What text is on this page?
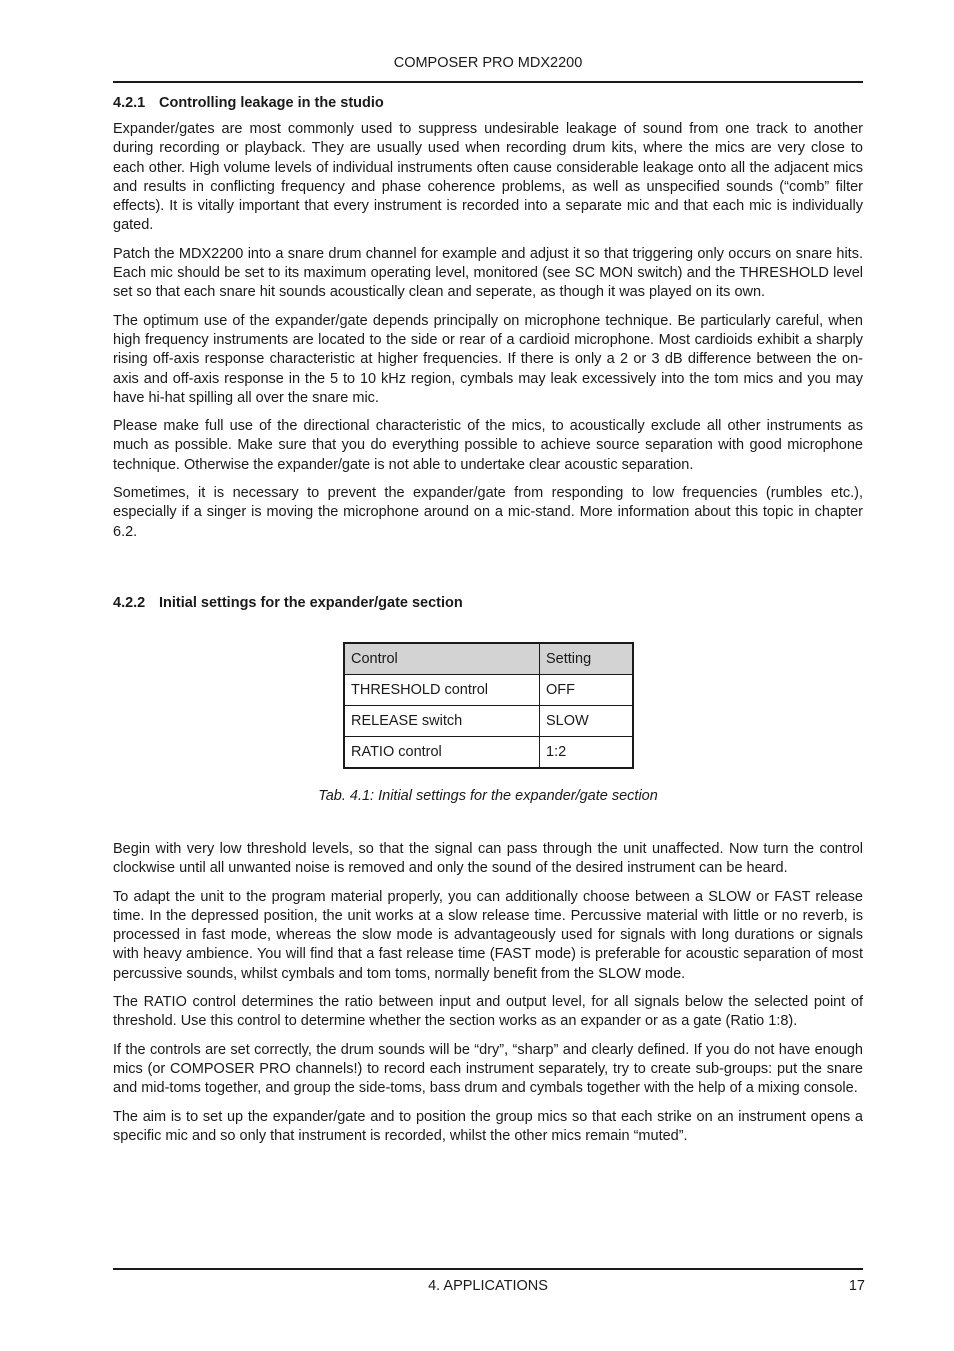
COMPOSER PRO MDX2200
4.2.1 Controlling leakage in the studio

Expander/gates are most commonly used to suppress undesirable leakage of sound from one track to another during recording or playback. They are usually used when recording drum kits, where the mics are very close to each other. High volume levels of individual instruments often cause considerable leakage onto all the adjacent mics and results in conflicting frequency and phase coherence problems, as well as unspecified sounds (“comb” filter effects). It is vitally important that every instrument is recorded into a separate mic and that each mic is individually gated.

Patch the MDX2200 into a snare drum channel for example and adjust it so that triggering only occurs on snare hits. Each mic should be set to its maximum operating level, monitored (see SC MON switch) and the THRESHOLD level set so that each snare hit sounds acoustically clean and seperate, as though it was played on its own.

The optimum use of the expander/gate depends principally on microphone technique. Be particularly careful, when high frequency instruments are located to the side or rear of a cardioid microphone. Most cardioids exhibit a sharply rising off-axis response characteristic at higher frequencies. If there is only a 2 or 3 dB difference between the on-axis and off-axis response in the 5 to 10 kHz region, cymbals may leak excessively into the tom mics and you may have hi-hat spilling all over the snare mic.

Please make full use of the directional characteristic of the mics, to acoustically exclude all other instruments as much as possible. Make sure that you do everything possible to achieve source separation with good microphone technique. Otherwise the expander/gate is not able to undertake clear acoustic separation.

Sometimes, it is necessary to prevent the expander/gate from responding to low frequencies (rumbles etc.), especially if a singer is moving the microphone around on a mic-stand. More information about this topic in chapter 6.2.

4.2.2 Initial settings for the expander/gate section
Control	Setting
THRESHOLD control	OFF
RELEASE switch	SLOW
RATIO control	1:2
Tab. 4.1: Initial settings for the expander/gate section

Begin with very low threshold levels, so that the signal can pass through the unit unaffected. Now turn the control clockwise until all unwanted noise is removed and only the sound of the desired instrument can be heard.

To adapt the unit to the program material properly, you can additionally choose between a SLOW or FAST release time. In the depressed position, the unit works at a slow release time. Percussive material with little or no reverb, is processed in fast mode, whereas the slow mode is advantageously used for signals with long durations or signals with heavy ambience. You will find that a fast release time (FAST mode) is preferable for acoustic separation of most percussive sounds, whilst cymbals and tom toms, normally benefit from the SLOW mode.

The RATIO control determines the ratio between input and output level, for all signals below the selected point of threshold. Use this control to determine whether the section works as an expander or as a gate (Ratio 1:8).

If the controls are set correctly, the drum sounds will be “dry”, “sharp” and clearly defined. If you do not have enough mics (or COMPOSER PRO channels!) to record each instrument separately, try to create sub-groups: put the snare and mid-toms together, and group the side-toms, bass drum and cymbals together with the help of a mixing console.

The aim is to set up the expander/gate and to position the group mics so that each strike on an instrument opens a specific mic and so only that instrument is recorded, whilst the other mics remain “muted”.

4. APPLICATIONS	17
